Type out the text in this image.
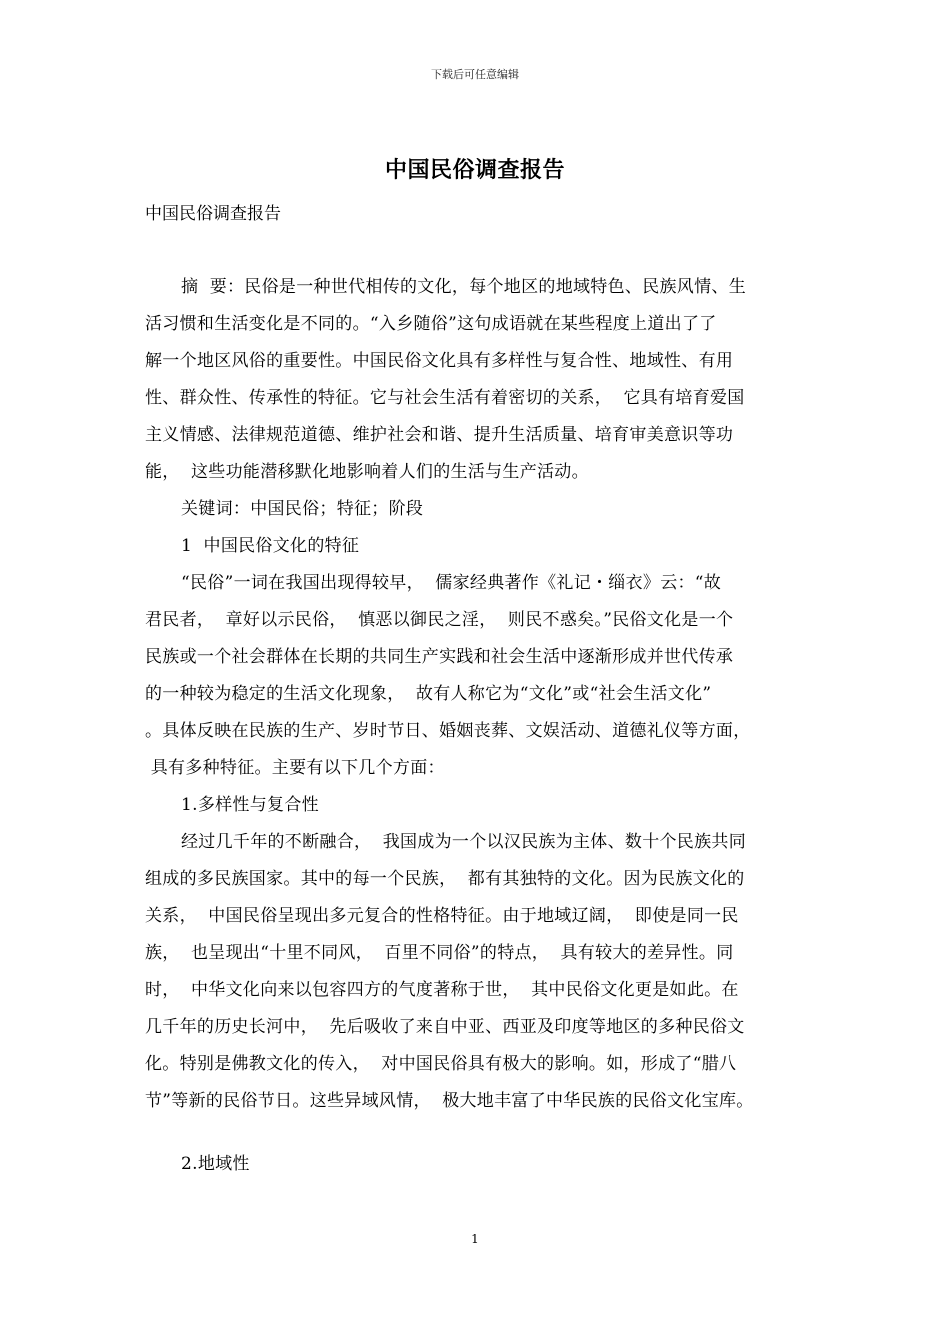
下载后可任意编辑
中国民俗调查报告
中国民俗调查报告
摘  要：民俗是一种世代相传的文化，每个地区的地域特色、民族风情、生
活习惯和生活变化是不同的。“入乡随俗”这句成语就在某些程度上道出了了
解一个地区风俗的重要性。中国民俗文化具有多样性与复合性、地域性、有用
性、群众性、传承性的特征。它与社会生活有着密切的关系，  它具有培育爱国
主义情感、法律规范道德、维护社会和谐、提升生活质量、培育审美意识等功
能，  这些功能潜移默化地影响着人们的生活与生产活动。
关键词：中国民俗；特征；阶段
1  中国民俗文化的特征
“民俗”一词在我国出现得较早，  儒家经典著作《礼记・缁衣》云：“故
君民者，  章好以示民俗，  慎恶以御民之淫，  则民不惑矣。”民俗文化是一个
民族或一个社会群体在长期的共同生产实践和社会生活中逐渐形成并世代传承
的一种较为稳定的生活文化现象，  故有人称它为“文化”或“社会生活文化”
。具体反映在民族的生产、岁时节日、婚姻丧葬、文娱活动、道德礼仪等方面，
具有多种特征。主要有以下几个方面：
1.多样性与复合性
经过几千年的不断融合，  我国成为一个以汉民族为主体、数十个民族共同
组成的多民族国家。其中的每一个民族，  都有其独特的文化。因为民族文化的
关系，  中国民俗呈现出多元复合的性格特征。由于地域辽阔，  即使是同一民
族，  也呈现出“十里不同风，  百里不同俗”的特点，  具有较大的差异性。同
时，  中华文化向来以包容四方的气度著称于世，  其中民俗文化更是如此。在
几千年的历史长河中，  先后吸收了来自中亚、西亚及印度等地区的多种民俗文
化。特别是佛教文化的传入，  对中国民俗具有极大的影响。如，形成了“腊八
节”等新的民俗节日。这些异域风情，  极大地丰富了中华民族的民俗文化宝库。
2.地域性
1
